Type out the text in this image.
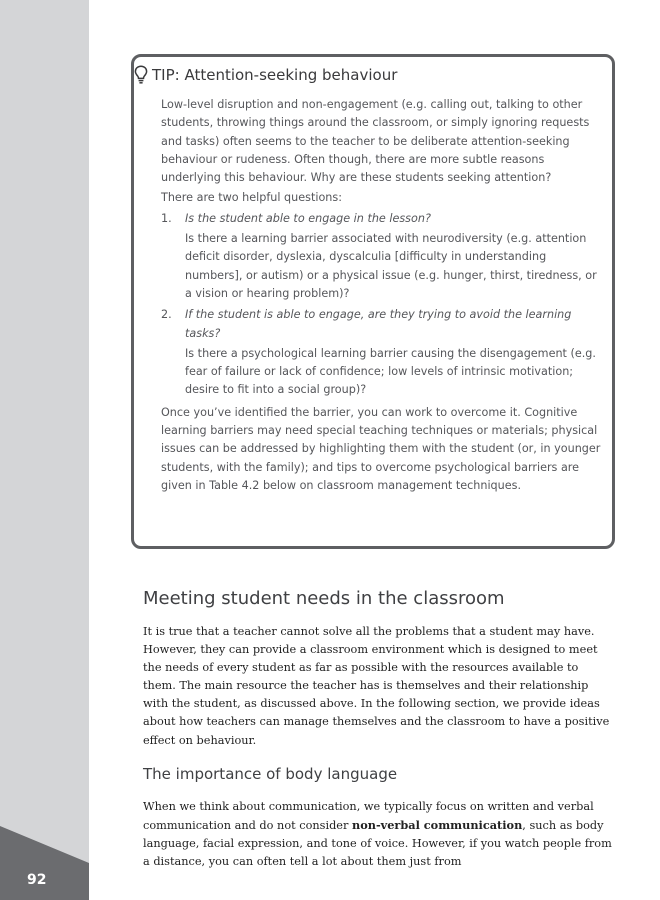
92
TIP: Attention-seeking behaviour

Low-level disruption and non-engagement (e.g. calling out, talking to other students, throwing things around the classroom, or simply ignoring requests and tasks) often seems to the teacher to be deliberate attention-seeking behaviour or rudeness. Often though, there are more subtle reasons underlying this behaviour. Why are these students seeking attention?

There are two helpful questions:

1. Is the student able to engage in the lesson?
Is there a learning barrier associated with neurodiversity (e.g. attention deficit disorder, dyslexia, dyscalculia [difficulty in understanding numbers], or autism) or a physical issue (e.g. hunger, thirst, tiredness, or a vision or hearing problem)?
2. If the student is able to engage, are they trying to avoid the learning tasks?
Is there a psychological learning barrier causing the disengagement (e.g. fear of failure or lack of confidence; low levels of intrinsic motivation; desire to fit into a social group)?

Once you’ve identified the barrier, you can work to overcome it. Cognitive learning barriers may need special teaching techniques or materials; physical issues can be addressed by highlighting them with the student (or, in younger students, with the family); and tips to overcome psychological barriers are given in Table 4.2 below on classroom management techniques.

Meeting student needs in the classroom

It is true that a teacher cannot solve all the problems that a student may have. However, they can provide a classroom environment which is designed to meet the needs of every student as far as possible with the resources available to them. The main resource the teacher has is themselves and their relationship with the student, as discussed above. In the following section, we provide ideas about how teachers can manage themselves and the classroom to have a positive effect on behaviour.

The importance of body language

When we think about communication, we typically focus on written and verbal communication and do not consider non-verbal communication, such as body language, facial expression, and tone of voice. However, if you watch people from a distance, you can often tell a lot about them just from
